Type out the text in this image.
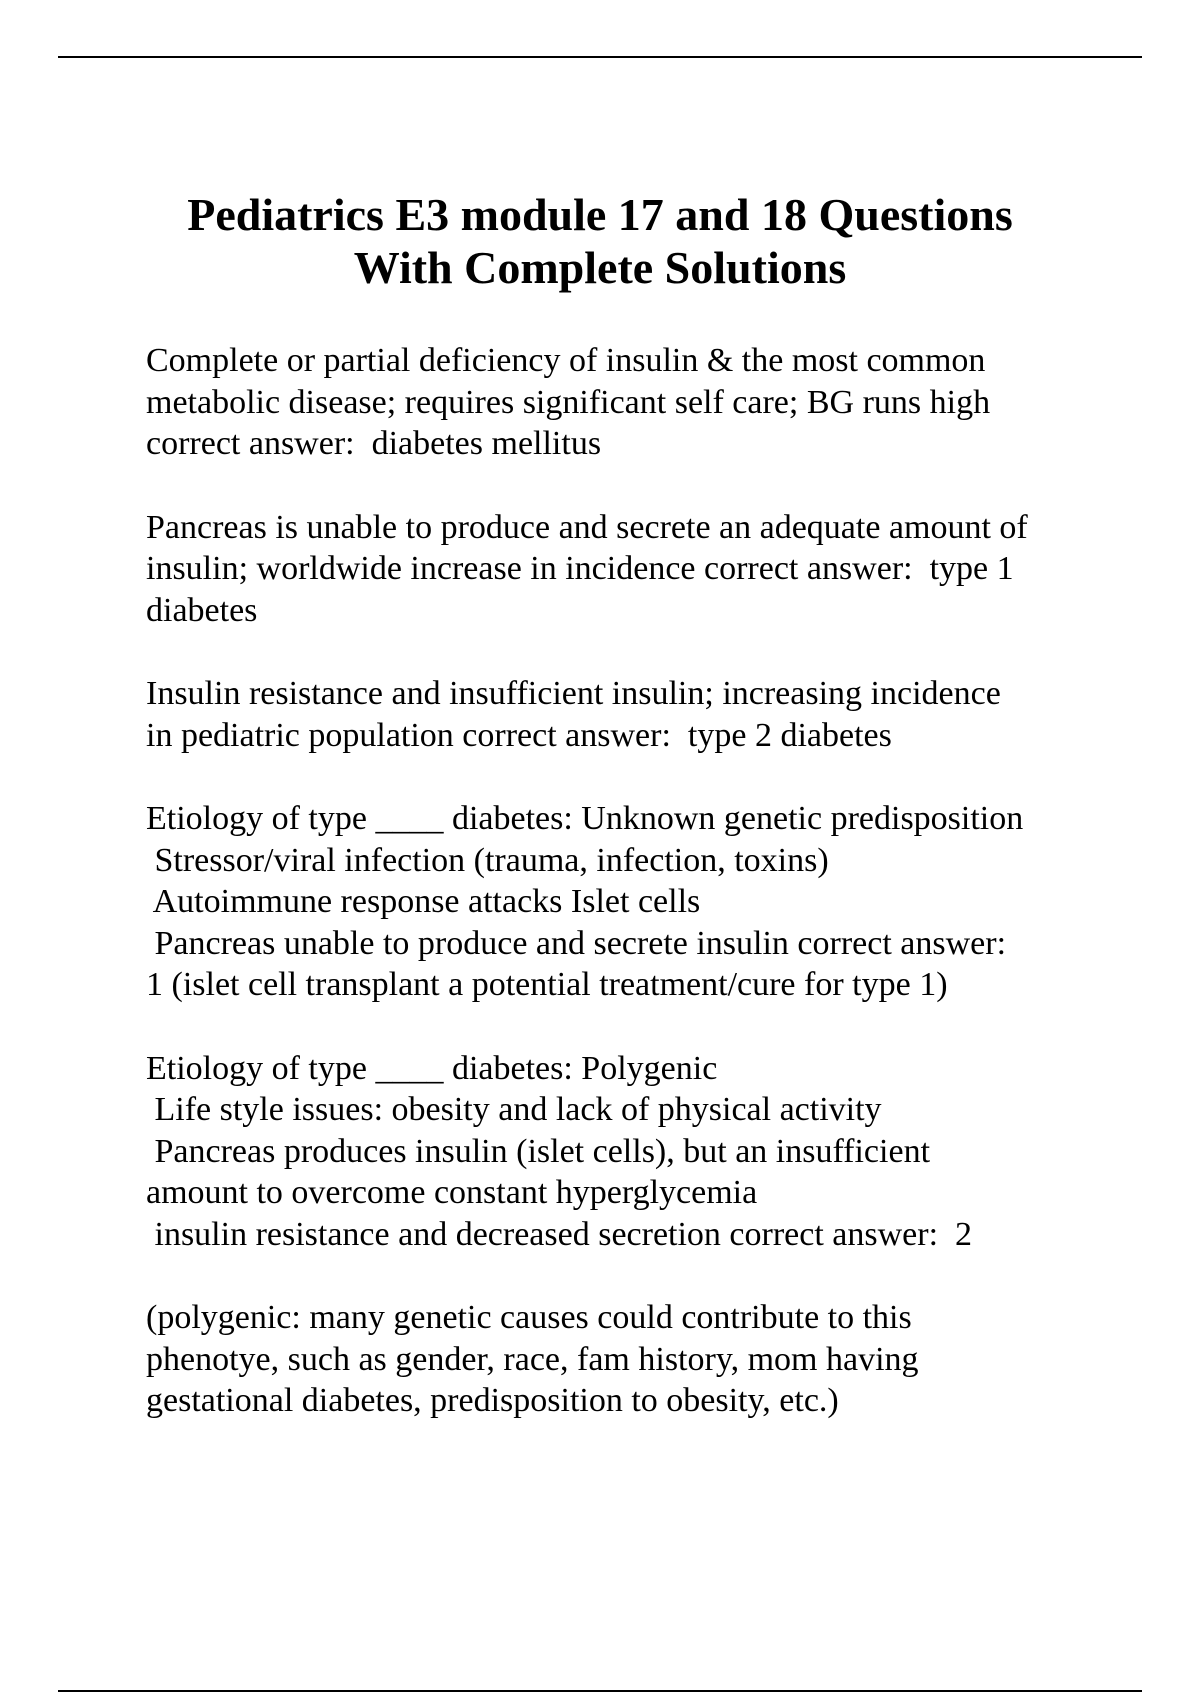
Pediatrics E3 module 17 and 18 Questions
With Complete Solutions

Complete or partial deficiency of insulin & the most common
metabolic disease; requires significant self care; BG runs high
correct answer:  diabetes mellitus

Pancreas is unable to produce and secrete an adequate amount of
insulin; worldwide increase in incidence correct answer:  type 1
diabetes

Insulin resistance and insufficient insulin; increasing incidence
in pediatric population correct answer:  type 2 diabetes

Etiology of type ____ diabetes: Unknown genetic predisposition
Stressor/viral infection (trauma, infection, toxins)
Autoimmune response attacks Islet cells
Pancreas unable to produce and secrete insulin correct answer:
1 (islet cell transplant a potential treatment/cure for type 1)

Etiology of type ____ diabetes: Polygenic
Life style issues: obesity and lack of physical activity
Pancreas produces insulin (islet cells), but an insufficient
amount to overcome constant hyperglycemia
insulin resistance and decreased secretion correct answer:  2

(polygenic: many genetic causes could contribute to this
phenotye, such as gender, race, fam history, mom having
gestational diabetes, predisposition to obesity, etc.)
